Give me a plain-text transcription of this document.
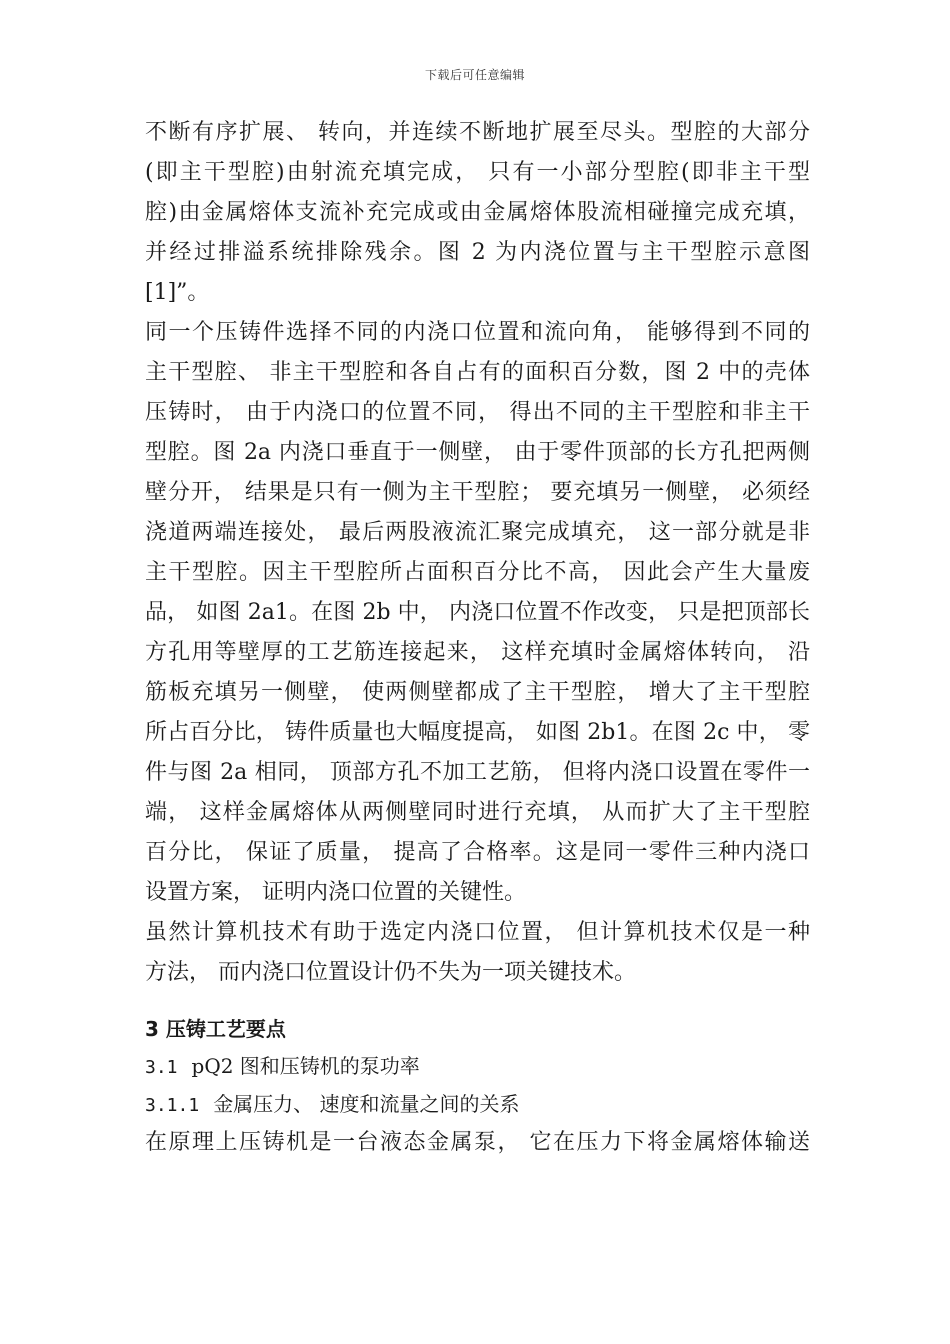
下载后可任意编辑
不断有序扩展、 转向，并连续不断地扩展至尽头。型腔的大部分
(即主干型腔)由射流充填完成， 只有一小部分型腔(即非主干型
腔)由金属熔体支流补充完成或由金属熔体股流相碰撞完成充填，
并经过排溢系统排除残余。图 2 为内浇位置与主干型腔示意图
[1]”。
同一个压铸件选择不同的内浇口位置和流向角， 能够得到不同的
主干型腔、 非主干型腔和各自占有的面积百分数，图 2 中的壳体
压铸时， 由于内浇口的位置不同， 得出不同的主干型腔和非主干
型腔。图 2a 内浇口垂直于一侧壁， 由于零件顶部的长方孔把两侧
壁分开， 结果是只有一侧为主干型腔； 要充填另一侧壁， 必须经
浇道两端连接处， 最后两股液流汇聚完成填充， 这一部分就是非
主干型腔。因主干型腔所占面积百分比不高， 因此会产生大量废
品， 如图 2a1。在图 2b 中， 内浇口位置不作改变， 只是把顶部长
方孔用等壁厚的工艺筋连接起来， 这样充填时金属熔体转向， 沿
筋板充填另一侧壁， 使两侧壁都成了主干型腔， 增大了主干型腔
所占百分比， 铸件质量也大幅度提高， 如图 2b1。在图 2c 中， 零
件与图 2a 相同， 顶部方孔不加工艺筋， 但将内浇口设置在零件一
端， 这样金属熔体从两侧壁同时进行充填， 从而扩大了主干型腔
百分比， 保证了质量， 提高了合格率。这是同一零件三种内浇口
设置方案， 证明内浇口位置的关键性。
虽然计算机技术有助于选定内浇口位置， 但计算机技术仅是一种
方法， 而内浇口位置设计仍不失为一项关键技术。
3 压铸工艺要点
3.1 pQ2 图和压铸机的泵功率
3.1.1 金属压力、 速度和流量之间的关系
在原理上压铸机是一台液态金属泵， 它在压力下将金属熔体输送
